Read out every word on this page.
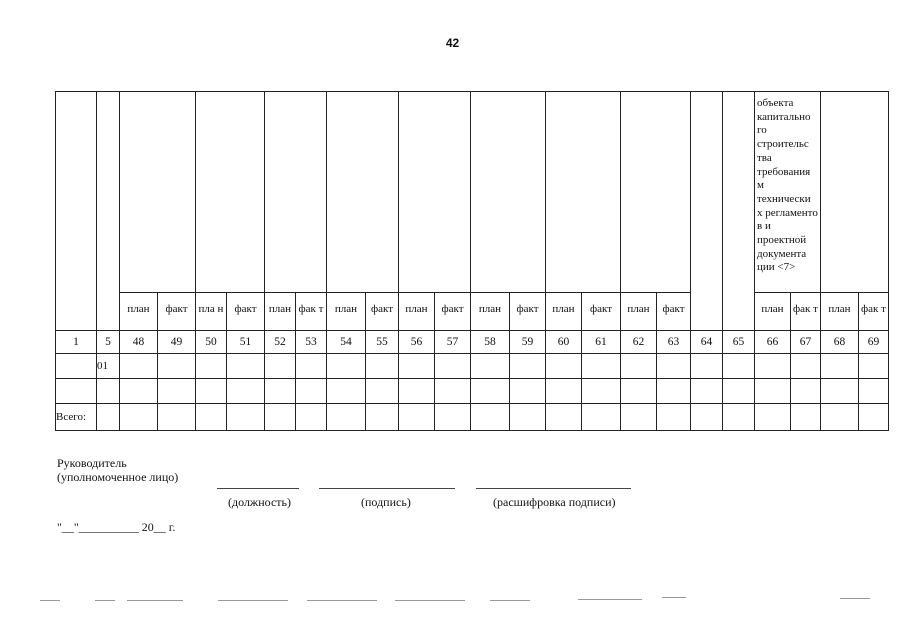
42

																				объекта капитально го строительс тва требования м технически х регламенто в и проектной документа ции <7>			

		план	факт	пла н	факт	план	фак т	план	факт	план	факт	план	факт	план	факт	план	факт			план	фак т	план	фак т
1	5	48	49	50	51	52	53	54	55	56	57	58	59	60	61	62	63	64	65	66	67	68	69
	01																						

Всего:																							
Руководитель
(уполномоченное лицо)
(должность)	(подпись)	(расшифровка подписи)
"__"__________ 20__ г.
